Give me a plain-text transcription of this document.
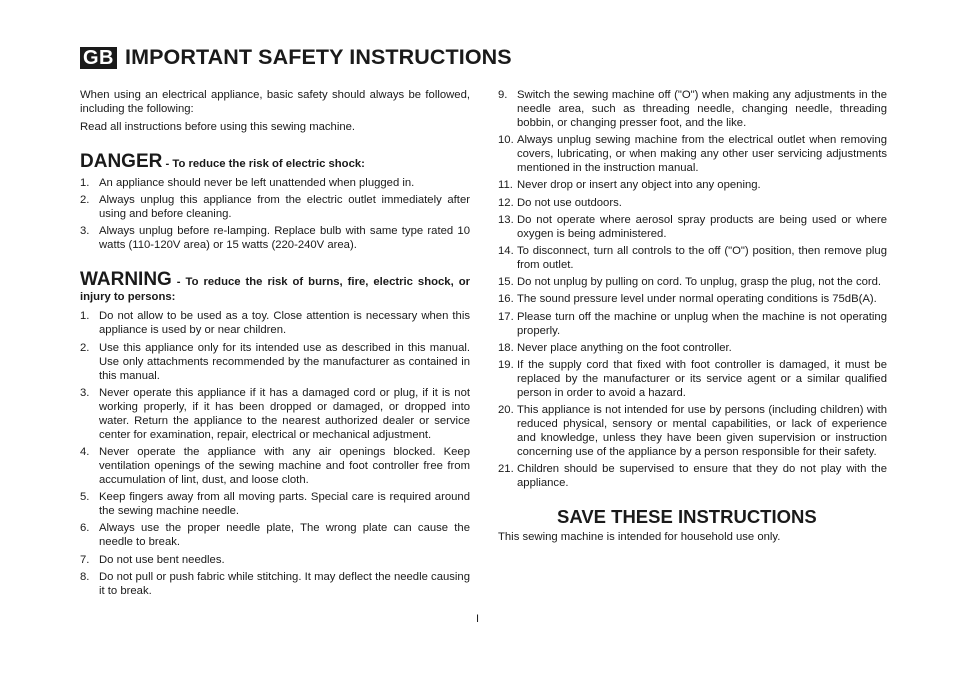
GB IMPORTANT SAFETY INSTRUCTIONS

When using an electrical appliance, basic safety should always be followed, including the following:

Read all instructions before using this sewing machine.

DANGER - To reduce the risk of electric shock:
1. An appliance should never be left unattended when plugged in.
2. Always unplug this appliance from the electric outlet immediately after using and before cleaning.
3. Always unplug before re-lamping. Replace bulb with same type rated 10 watts (110-120V area) or 15 watts (220-240V area).
WARNING - To reduce the risk of burns, fire, electric shock, or injury to persons:
1. Do not allow to be used as a toy. Close attention is necessary when this appliance is used by or near children.
2. Use this appliance only for its intended use as described in this manual. Use only attachments recommended by the manufacturer as contained in this manual.
3. Never operate this appliance if it has a damaged cord or plug, if it is not working properly, if it has been dropped or damaged, or dropped into water. Return the appliance to the nearest authorized dealer or service center for examination, repair, electrical or mechanical adjustment.
4. Never operate the appliance with any air openings blocked. Keep ventilation openings of the sewing machine and foot controller free from accumulation of lint, dust, and loose cloth.
5. Keep fingers away from all moving parts. Special care is required around the sewing machine needle.
6. Always use the proper needle plate, The wrong plate can cause the needle to break.
7. Do not use bent needles.
8. Do not pull or push fabric while stitching. It may deflect the needle causing it to break.
9. Switch the sewing machine off ("O") when making any adjustments in the needle area, such as threading needle, changing needle, threading bobbin, or changing presser foot, and the like.
10. Always unplug sewing machine from the electrical outlet when removing covers, lubricating, or when making any other user servicing adjustments mentioned in the instruction manual.
11. Never drop or insert any object into any opening.
12. Do not use outdoors.
13. Do not operate where aerosol spray products are being used or where oxygen is being administered.
14. To disconnect, turn all controls to the off ("O") position, then remove plug from outlet.
15. Do not unplug by pulling on cord. To unplug, grasp the plug, not the cord.
16. The sound pressure level under normal operating conditions is 75dB(A).
17. Please turn off the machine or unplug when the machine is not operating properly.
18. Never place anything on the foot controller.
19. If the supply cord that fixed with foot controller is damaged, it must be replaced by the manufacturer or its service agent or a similar qualified person in order to avoid a hazard.
20. This appliance is not intended for use by persons (including children) with reduced physical, sensory or mental capabilities, or lack of experience and knowledge, unless they have been given supervision or instruction concerning use of the appliance by a person responsible for their safety.
21. Children should be supervised to ensure that they do not play with the appliance.
SAVE THESE INSTRUCTIONS

This sewing machine is intended for household use only.

I
